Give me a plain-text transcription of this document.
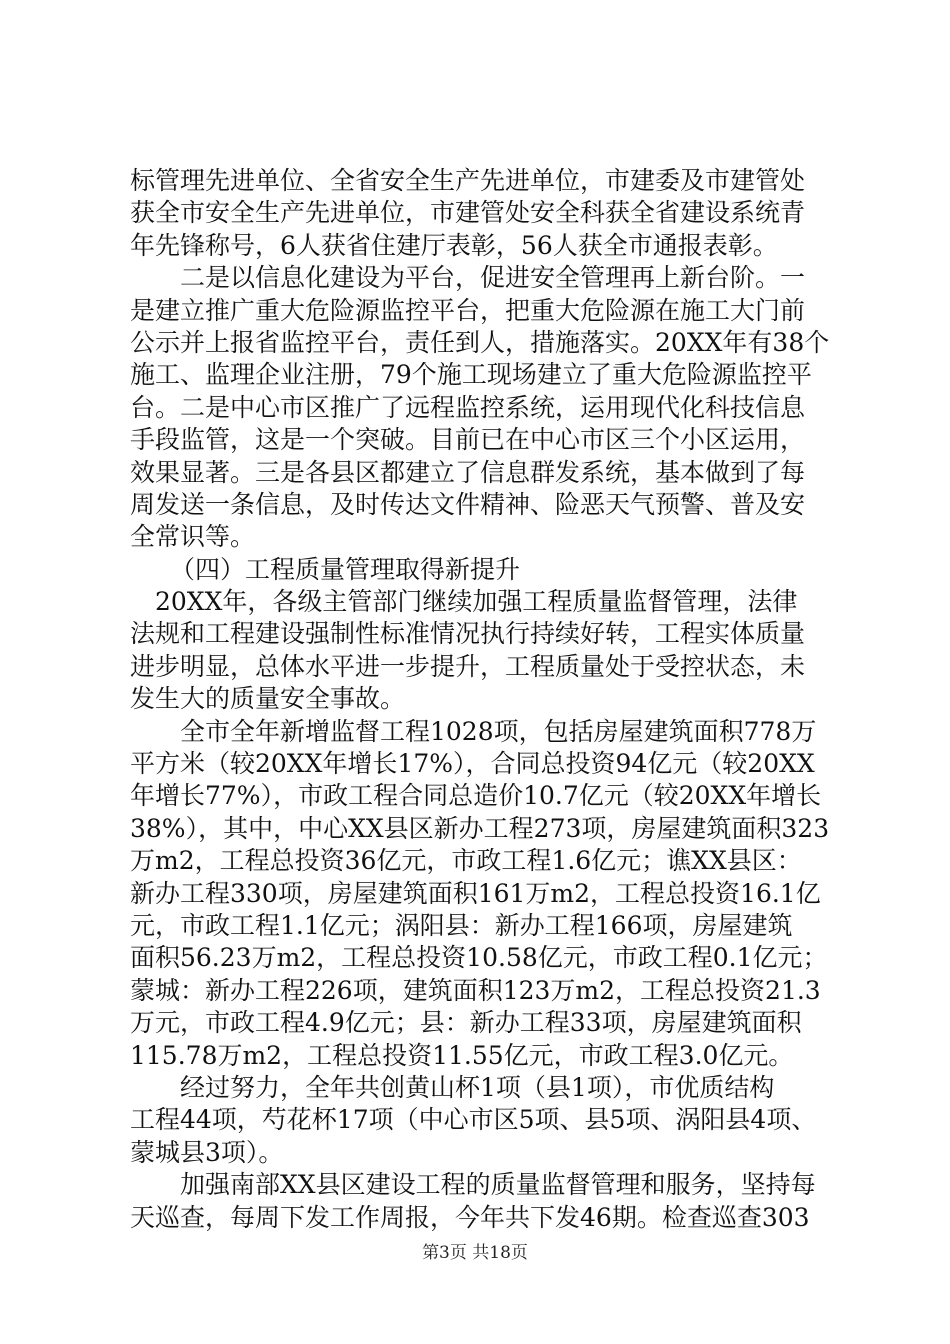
标管理先进单位、全省安全生产先进单位，市建委及市建管处
获全市安全生产先进单位，市建管处安全科获全省建设系统青
年先锋称号，6人获省住建厅表彰，56人获全市通报表彰。
二是以信息化建设为平台，促进安全管理再上新台阶。一
是建立推广重大危险源监控平台，把重大危险源在施工大门前
公示并上报省监控平台，责任到人，措施落实。20XX年有38个
施工、监理企业注册，79个施工现场建立了重大危险源监控平
台。二是中心市区推广了远程监控系统，运用现代化科技信息
手段监管，这是一个突破。目前已在中心市区三个小区运用，
效果显著。三是各县区都建立了信息群发系统，基本做到了每
周发送一条信息，及时传达文件精神、险恶天气预警、普及安
全常识等。
（四）工程质量管理取得新提升
20XX年，各级主管部门继续加强工程质量监督管理，法律
法规和工程建设强制性标准情况执行持续好转，工程实体质量
进步明显，总体水平进一步提升，工程质量处于受控状态，未
发生大的质量安全事故。
全市全年新增监督工程1028项，包括房屋建筑面积778万
平方米（较20XX年增长17%），合同总投资94亿元（较20XX
年增长77%），市政工程合同总造价10.7亿元（较20XX年增长
38%），其中，中心XX县区新办工程273项，房屋建筑面积323
万m2，工程总投资36亿元，市政工程1.6亿元；谯XX县区：
新办工程330项，房屋建筑面积161万m2，工程总投资16.1亿
元，市政工程1.1亿元；涡阳县：新办工程166项，房屋建筑
面积56.23万m2，工程总投资10.58亿元，市政工程0.1亿元；
蒙城：新办工程226项，建筑面积123万m2，工程总投资21.3
万元，市政工程4.9亿元；县：新办工程33项，房屋建筑面积
115.78万m2，工程总投资11.55亿元，市政工程3.0亿元。
经过努力，全年共创黄山杯1项（县1项），市优质结构
工程44项，芍花杯17项（中心市区5项、县5项、涡阳县4项、
蒙城县3项）。
加强南部XX县区建设工程的质量监督管理和服务，坚持每
天巡查，每周下发工作周报，今年共下发46期。检查巡查303
第3页 共18页
